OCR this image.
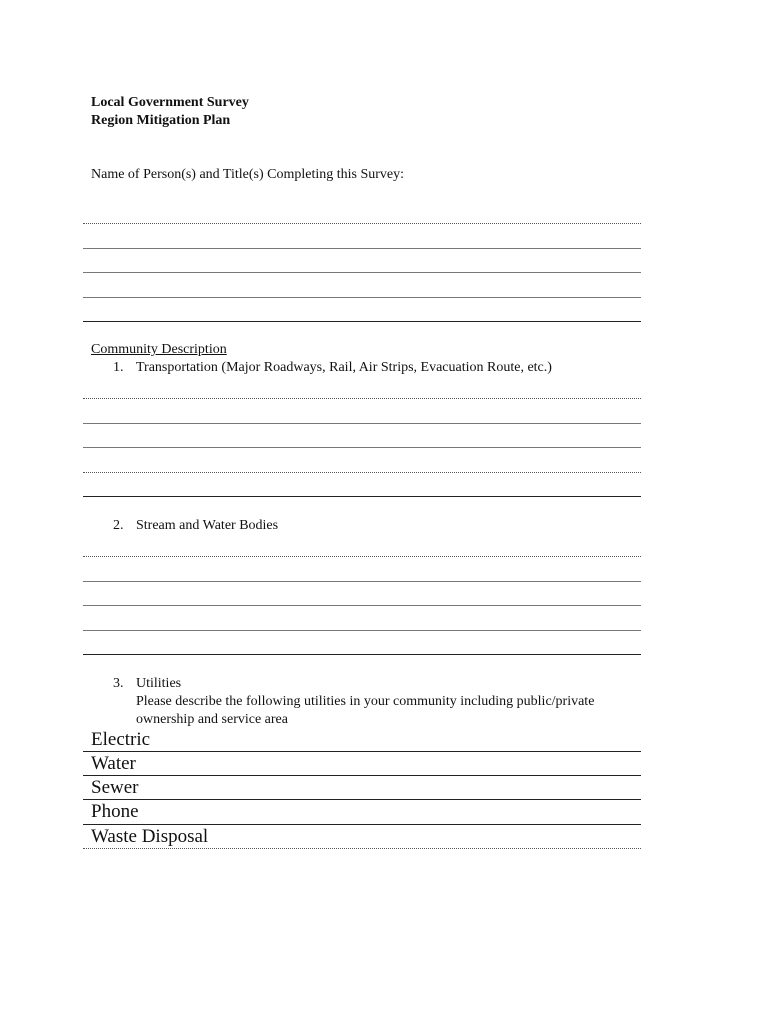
Local Government Survey
Region Mitigation Plan
Name of Person(s) and Title(s) Completing this Survey:
Community Description
1. Transportation (Major Roadways, Rail, Air Strips, Evacuation Route, etc.)
2. Stream and Water Bodies
3. Utilities
Please describe the following utilities in your community including public/private
ownership and service area
Electric
Water
Sewer
Phone
Waste Disposal
